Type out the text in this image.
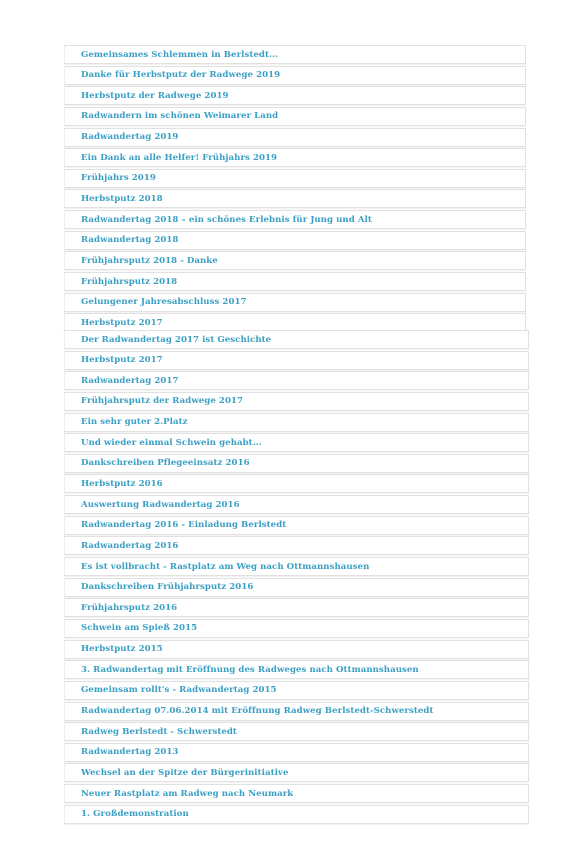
Gemeinsames Schlemmen in Berlstedt...
Danke für Herbstputz der Radwege 2019
Herbstputz der Radwege 2019
Radwandern im schönen Weimarer Land
Radwandertag 2019
Ein Dank an alle Helfer! Frühjahrs 2019
Frühjahrs 2019
Herbstputz 2018
Radwandertag 2018 – ein schönes Erlebnis für Jung und Alt
Radwandertag 2018
Frühjahrsputz 2018 - Danke
Frühjahrsputz 2018
Gelungener Jahresabschluss 2017
Herbstputz 2017
Der Radwandertag 2017 ist Geschichte
Herbstputz 2017
Radwandertag 2017
Frühjahrsputz der Radwege 2017
Ein sehr guter 2.Platz
Und wieder einmal Schwein gehabt...
Dankschreiben Pflegeeinsatz 2016
Herbstputz 2016
Auswertung Radwandertag 2016
Radwandertag 2016 - Einladung Berlstedt
Radwandertag 2016
Es ist vollbracht - Rastplatz am Weg nach Ottmannshausen
Dankschreiben Frühjahrsputz 2016
Frühjahrsputz 2016
Schwein am Spieß 2015
Herbstputz 2015
3. Radwandertag mit Eröffnung des Radweges nach Ottmannshausen
Gemeinsam rollt's - Radwandertag 2015
Radwandertag 07.06.2014 mit Eröffnung Radweg Berlstedt-Schwerstedt
Radweg Berlstedt - Schwerstedt
Radwandertag 2013
Wechsel an der Spitze der Bürgerinitiative
Neuer Rastplatz am Radweg nach Neumark
1. Großdemonstration
